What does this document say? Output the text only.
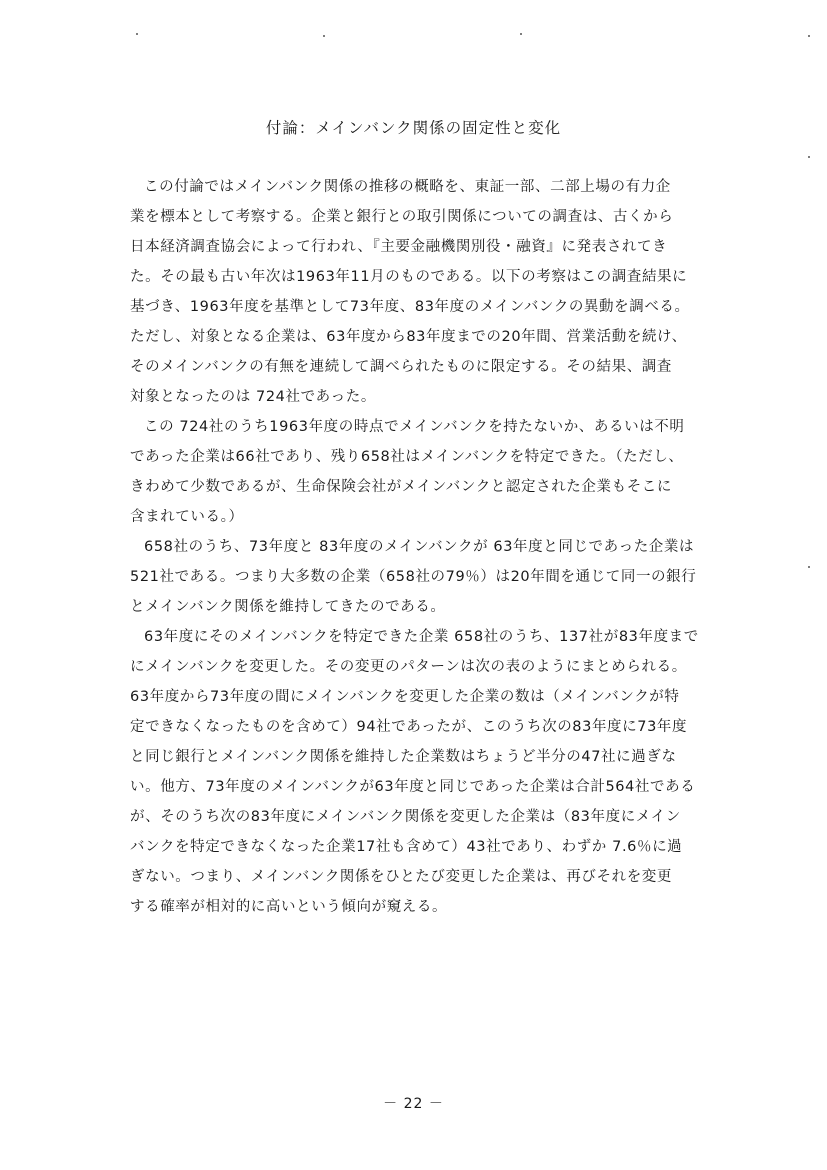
付論：メインバンク関係の固定性と変化
この付論ではメインバンク関係の推移の概略を、東証一部、二部上場の有力企
業を標本として考察する。企業と銀行との取引関係についての調査は、古くから
日本経済調査協会によって行われ、『主要金融機関別役・融資』に発表されてき
た。その最も古い年次は1963年11月のものである。以下の考察はこの調査結果に
基づき、1963年度を基準として73年度、83年度のメインバンクの異動を調べる。
ただし、対象となる企業は、63年度から83年度までの20年間、営業活動を続け、
そのメインバンクの有無を連続して調べられたものに限定する。その結果、調査
対象となったのは 724社であった。
この 724社のうち1963年度の時点でメインバンクを持たないか、あるいは不明
であった企業は66社であり、残り658社はメインバンクを特定できた。（ただし、
きわめて少数であるが、生命保険会社がメインバンクと認定された企業もそこに
含まれている。）
658社のうち、73年度と 83年度のメインバンクが 63年度と同じであった企業は
521社である。つまり大多数の企業（658社の79％）は20年間を通じて同一の銀行
とメインバンク関係を維持してきたのである。
63年度にそのメインバンクを特定できた企業 658社のうち、137社が83年度まで
にメインバンクを変更した。その変更のパターンは次の表のようにまとめられる。
63年度から73年度の間にメインバンクを変更した企業の数は（メインバンクが特
定できなくなったものを含めて）94社であったが、このうち次の83年度に73年度
と同じ銀行とメインバンク関係を維持した企業数はちょうど半分の47社に過ぎな
い。他方、73年度のメインバンクが63年度と同じであった企業は合計564社である
が、そのうち次の83年度にメインバンク関係を変更した企業は（83年度にメイン
バンクを特定できなくなった企業17社も含めて）43社であり、わずか 7.6％に過
ぎない。つまり、メインバンク関係をひとたび変更した企業は、再びそれを変更
する確率が相対的に高いという傾向が窺える。
－ 22 －
